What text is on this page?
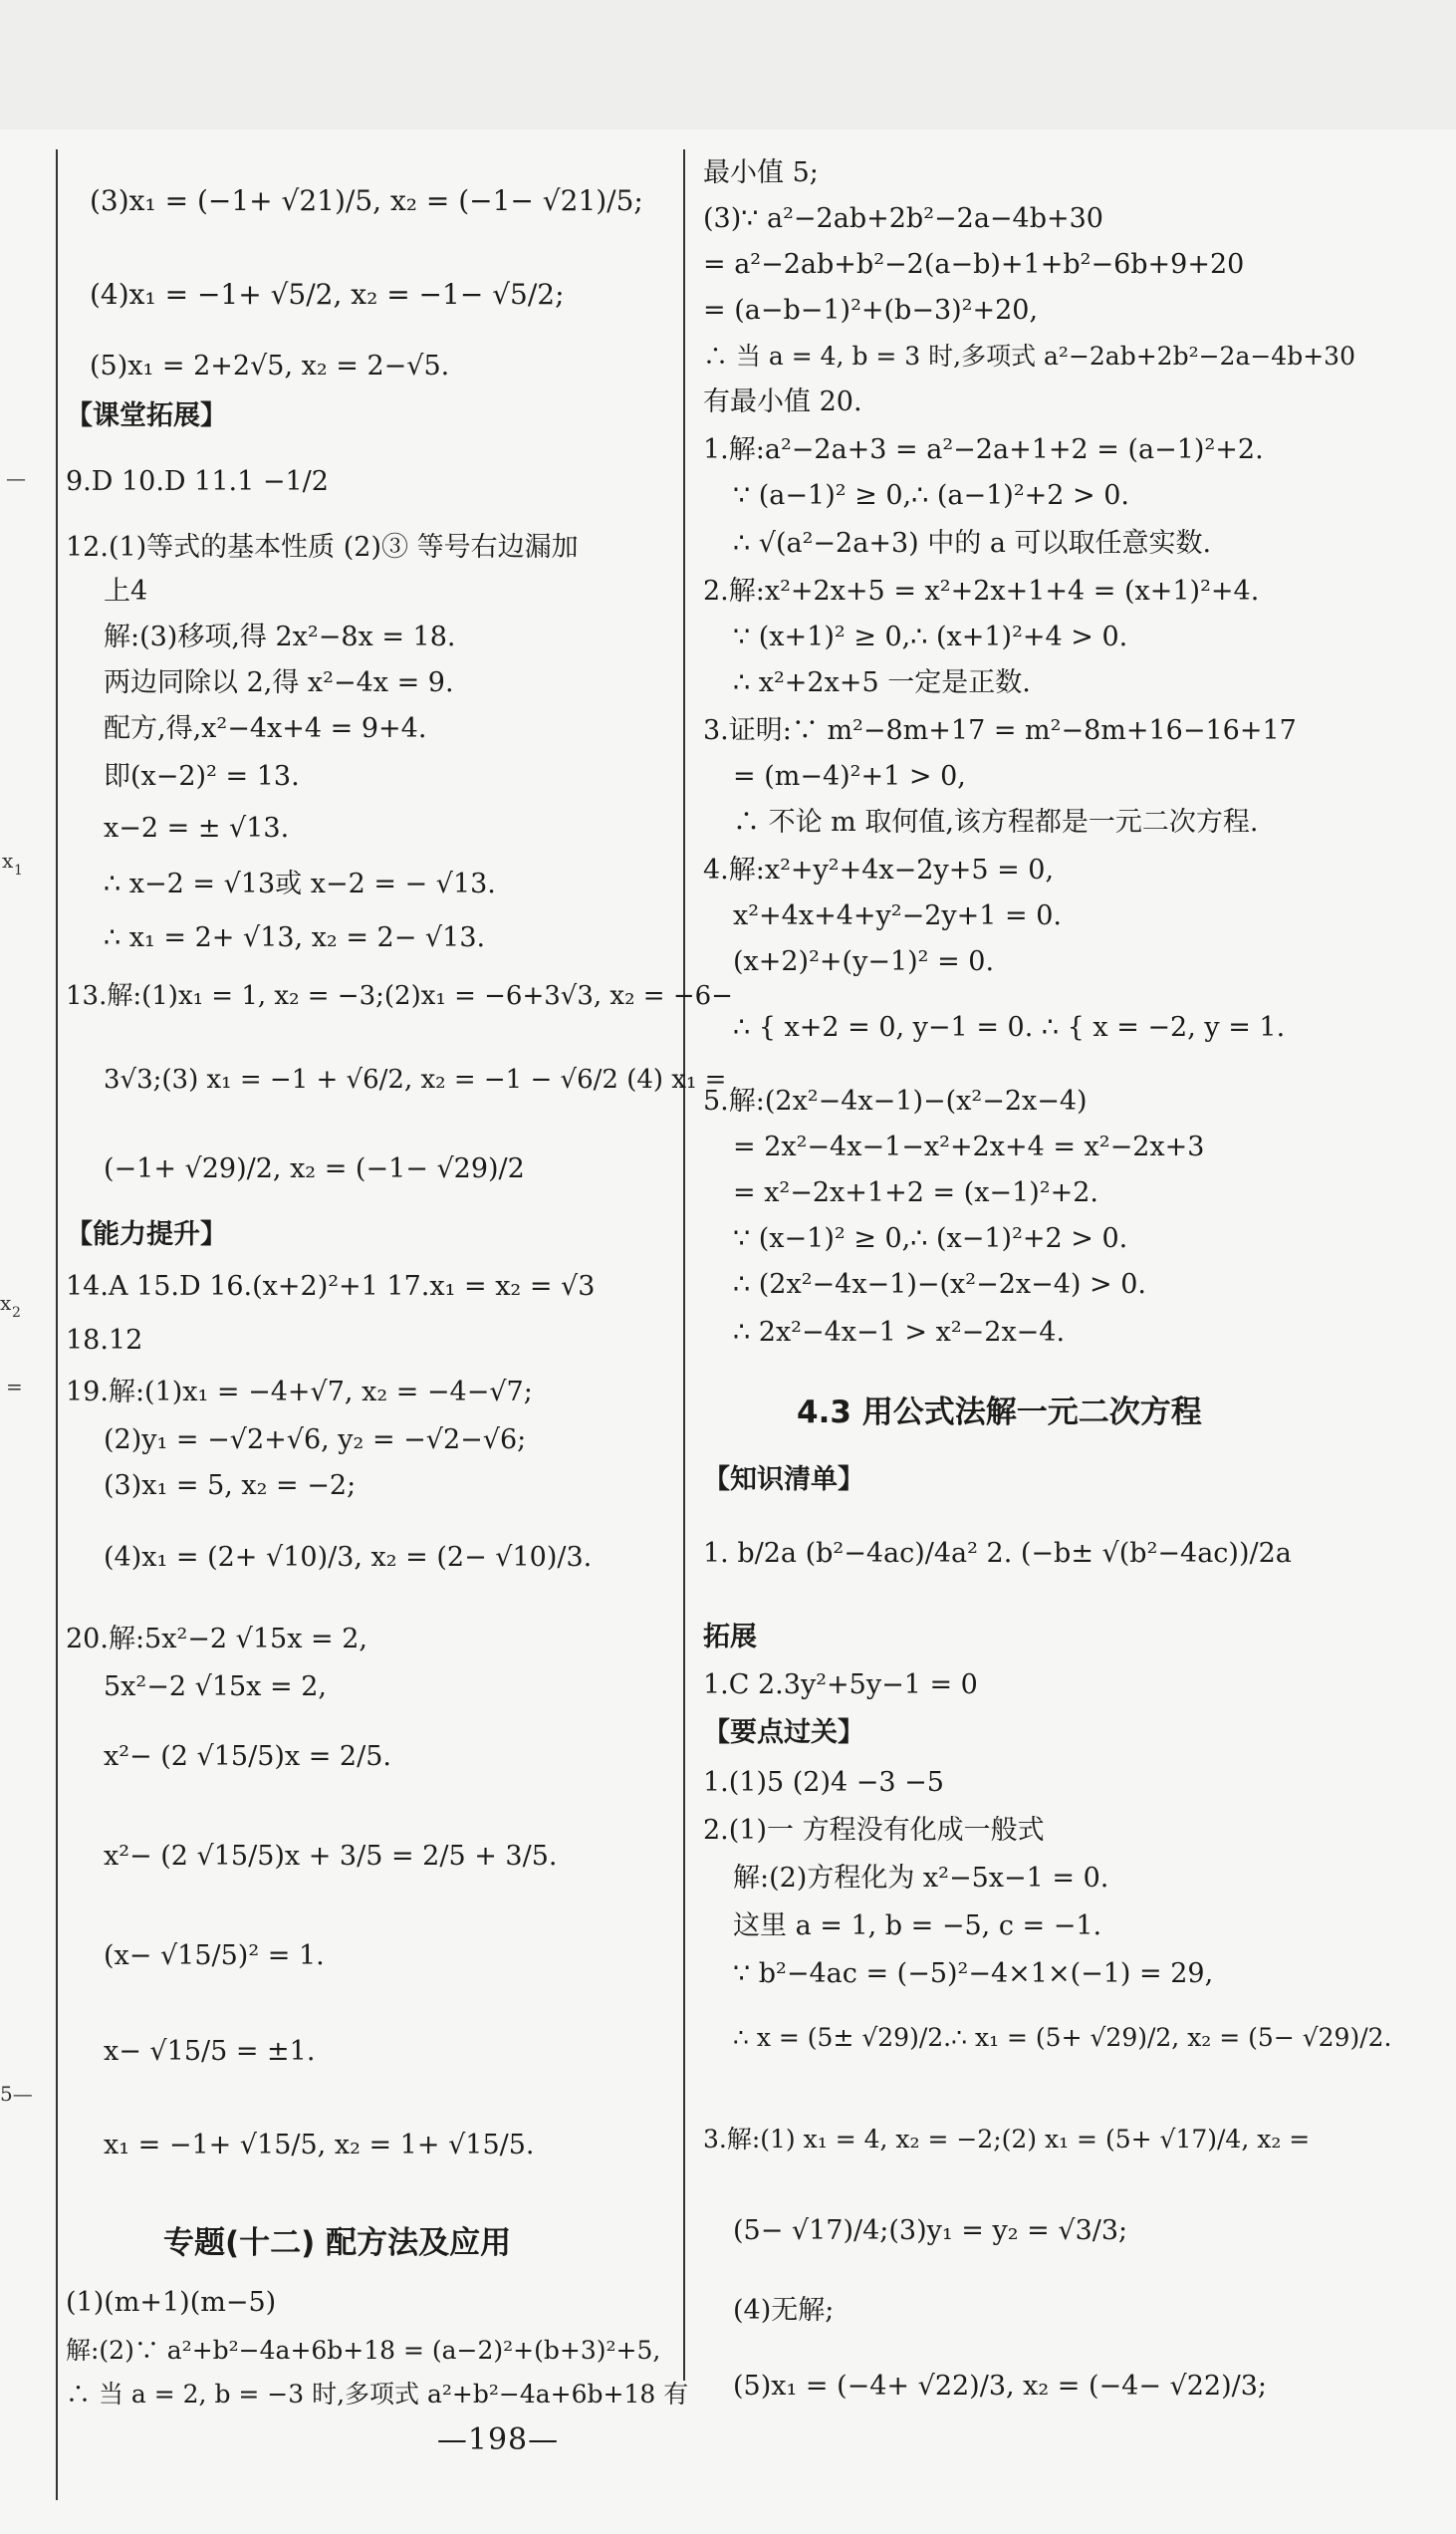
—
x 1
x 2
=
5—
(3)x₁ = (−1+ √21)/5, x₂ = (−1− √21)/5;
(4)x₁ = −1+ √5/2, x₂ = −1− √5/2;
(5)x₁ = 2+2√5, x₂ = 2−√5.
【课堂拓展】
9.D 10.D 11.1 −1/2
12.(1)等式的基本性质 (2)③ 等号右边漏加
上4
解:(3)移项,得 2x²−8x = 18.
两边同除以 2,得 x²−4x = 9.
配方,得,x²−4x+4 = 9+4.
即(x−2)² = 13.
x−2 = ± √13.
∴ x−2 = √13或 x−2 = − √13.
∴ x₁ = 2+ √13, x₂ = 2− √13.
13.解:(1)x₁ = 1, x₂ = −3;(2)x₁ = −6+3√3, x₂ = −6−
3√3;(3) x₁ = −1 + √6/2, x₂ = −1 − √6/2 (4) x₁ =
(−1+ √29)/2, x₂ = (−1− √29)/2
【能力提升】
14.A 15.D 16.(x+2)²+1 17.x₁ = x₂ = √3
18.12
19.解:(1)x₁ = −4+√7, x₂ = −4−√7;
(2)y₁ = −√2+√6, y₂ = −√2−√6;
(3)x₁ = 5, x₂ = −2;
(4)x₁ = (2+ √10)/3, x₂ = (2− √10)/3.
20.解:5x²−2 √15x = 2,
5x²−2 √15x = 2,
x²− (2 √15/5)x = 2/5.
x²− (2 √15/5)x + 3/5 = 2/5 + 3/5.
(x− √15/5)² = 1.
x− √15/5 = ±1.
x₁ = −1+ √15/5, x₂ = 1+ √15/5.
专题(十二) 配方法及应用
(1)(m+1)(m−5)
解:(2)∵ a²+b²−4a+6b+18 = (a−2)²+(b+3)²+5,
∴ 当 a = 2, b = −3 时,多项式 a²+b²−4a+6b+18 有
最小值 5;
(3)∵ a²−2ab+2b²−2a−4b+30
= a²−2ab+b²−2(a−b)+1+b²−6b+9+20
= (a−b−1)²+(b−3)²+20,
∴ 当 a = 4, b = 3 时,多项式 a²−2ab+2b²−2a−4b+30
有最小值 20.
1.解:a²−2a+3 = a²−2a+1+2 = (a−1)²+2.
∵ (a−1)² ≥ 0,∴ (a−1)²+2 > 0.
∴ √(a²−2a+3) 中的 a 可以取任意实数.
2.解:x²+2x+5 = x²+2x+1+4 = (x+1)²+4.
∵ (x+1)² ≥ 0,∴ (x+1)²+4 > 0.
∴ x²+2x+5 一定是正数.
3.证明:∵ m²−8m+17 = m²−8m+16−16+17
= (m−4)²+1 > 0,
∴ 不论 m 取何值,该方程都是一元二次方程.
4.解:x²+y²+4x−2y+5 = 0,
x²+4x+4+y²−2y+1 = 0.
(x+2)²+(y−1)² = 0.
∴ { x+2 = 0, y−1 = 0. ∴ { x = −2, y = 1.
5.解:(2x²−4x−1)−(x²−2x−4)
= 2x²−4x−1−x²+2x+4 = x²−2x+3
= x²−2x+1+2 = (x−1)²+2.
∵ (x−1)² ≥ 0,∴ (x−1)²+2 > 0.
∴ (2x²−4x−1)−(x²−2x−4) > 0.
∴ 2x²−4x−1 > x²−2x−4.
4.3 用公式法解一元二次方程
【知识清单】
1. b/2a (b²−4ac)/4a² 2. (−b± √(b²−4ac))/2a
拓展
1.C 2.3y²+5y−1 = 0
【要点过关】
1.(1)5 (2)4 −3 −5
2.(1)一 方程没有化成一般式
解:(2)方程化为 x²−5x−1 = 0.
这里 a = 1, b = −5, c = −1.
∵ b²−4ac = (−5)²−4×1×(−1) = 29,
∴ x = (5± √29)/2.∴ x₁ = (5+ √29)/2, x₂ = (5− √29)/2.
3.解:(1) x₁ = 4, x₂ = −2;(2) x₁ = (5+ √17)/4, x₂ =
(5− √17)/4;(3)y₁ = y₂ = √3/3;
(4)无解;
(5)x₁ = (−4+ √22)/3, x₂ = (−4− √22)/3;
—198—
